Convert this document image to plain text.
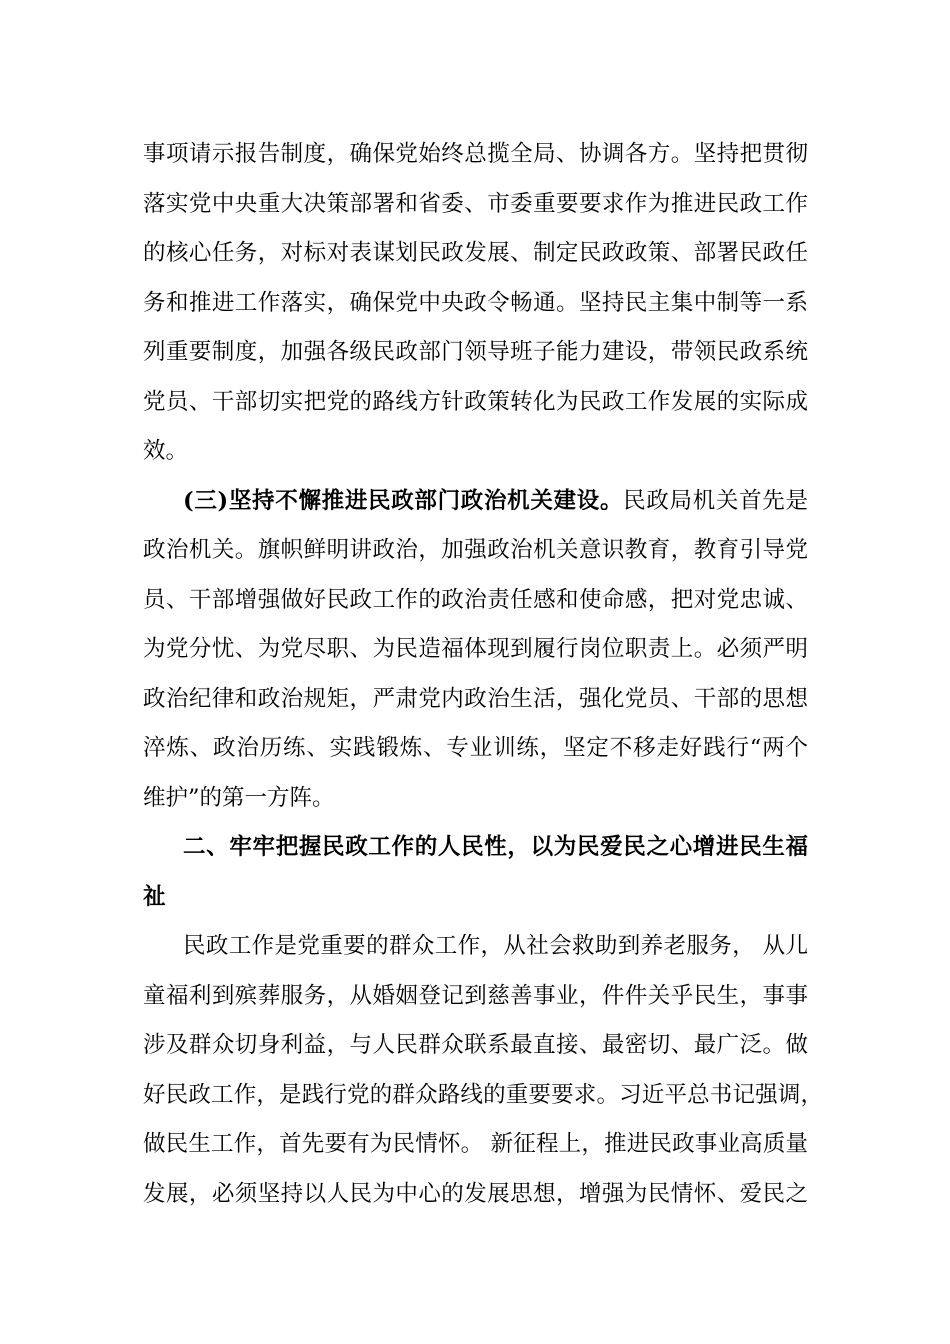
事项请示报告制度，确保党始终总揽全局、协调各方。坚持把贯彻
落实党中央重大决策部署和省委、市委重要要求作为推进民政工作
的核心任务，对标对表谋划民政发展、制定民政政策、部署民政任
务和推进工作落实，确保党中央政令畅通。坚持民主集中制等一系
列重要制度，加强各级民政部门领导班子能力建设，带领民政系统
党员、干部切实把党的路线方针政策转化为民政工作发展的实际成
效。
(三)坚持不懈推进民政部门政治机关建设。民政局机关首先是
政治机关。旗帜鲜明讲政治，加强政治机关意识教育，教育引导党
员、干部增强做好民政工作的政治责任感和使命感，把对党忠诚、
为党分忧、为党尽职、为民造福体现到履行岗位职责上。必须严明
政治纪律和政治规矩，严肃党内政治生活，强化党员、干部的思想
淬炼、政治历练、实践锻炼、专业训练，坚定不移走好践行“两个
维护”的第一方阵。
二、牢牢把握民政工作的人民性，以为民爱民之心增进民生福
祉
民政工作是党重要的群众工作，从社会救助到养老服务， 从儿
童福利到殡葬服务，从婚姻登记到慈善事业，件件关乎民生，事事
涉及群众切身利益，与人民群众联系最直接、最密切、最广泛。做
好民政工作，是践行党的群众路线的重要要求。习近平总书记强调，
做民生工作，首先要有为民情怀。 新征程上，推进民政事业高质量
发展，必须坚持以人民为中心的发展思想，增强为民情怀、爱民之
